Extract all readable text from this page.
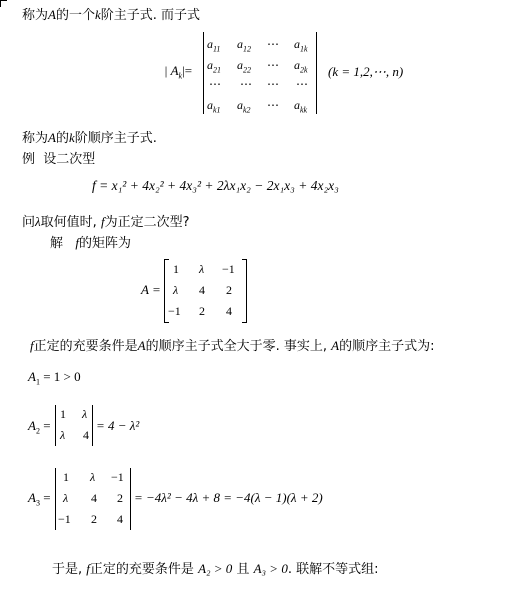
称为A的一个k阶主子式. 而子式
| $A_k|=$
$a_{11}$ $a_{12}$ ⋯ $a_{1k}$
$a_{21}$ $a_{22}$ ⋯ $a_{2k}$
⋯ ⋯ ⋯ ⋯
$a_{k1}$ $a_{k2}$ ⋯ $a_{kk}$
(k = 1,2,⋯, n)
称为A的k阶顺序主子式.
例 设二次型
f = x₁² + 4x₂² + 4x₃² + 2λx₁x₂ − 2x₁x₃ + 4x₂x₃
问λ取何值时, f为正定二次型?
解 f的矩阵为
A =
1 λ −1
λ 4 2
−1 2 4
f正定的充要条件是A的顺序主子式全大于零. 事实上, A的顺序主子式为:
$A_1 = 1 > 0$
$A_2$ =
1 λ
λ 4
= 4 − λ²
$A_3$ =
1 λ −1
λ 4 2
−1 2 4
= −4λ² − 4λ + 8 = −4(λ − 1)(λ + 2)
于是, f正定的充要条件是 A₂ > 0 且 A₃ > 0. 联解不等式组:
